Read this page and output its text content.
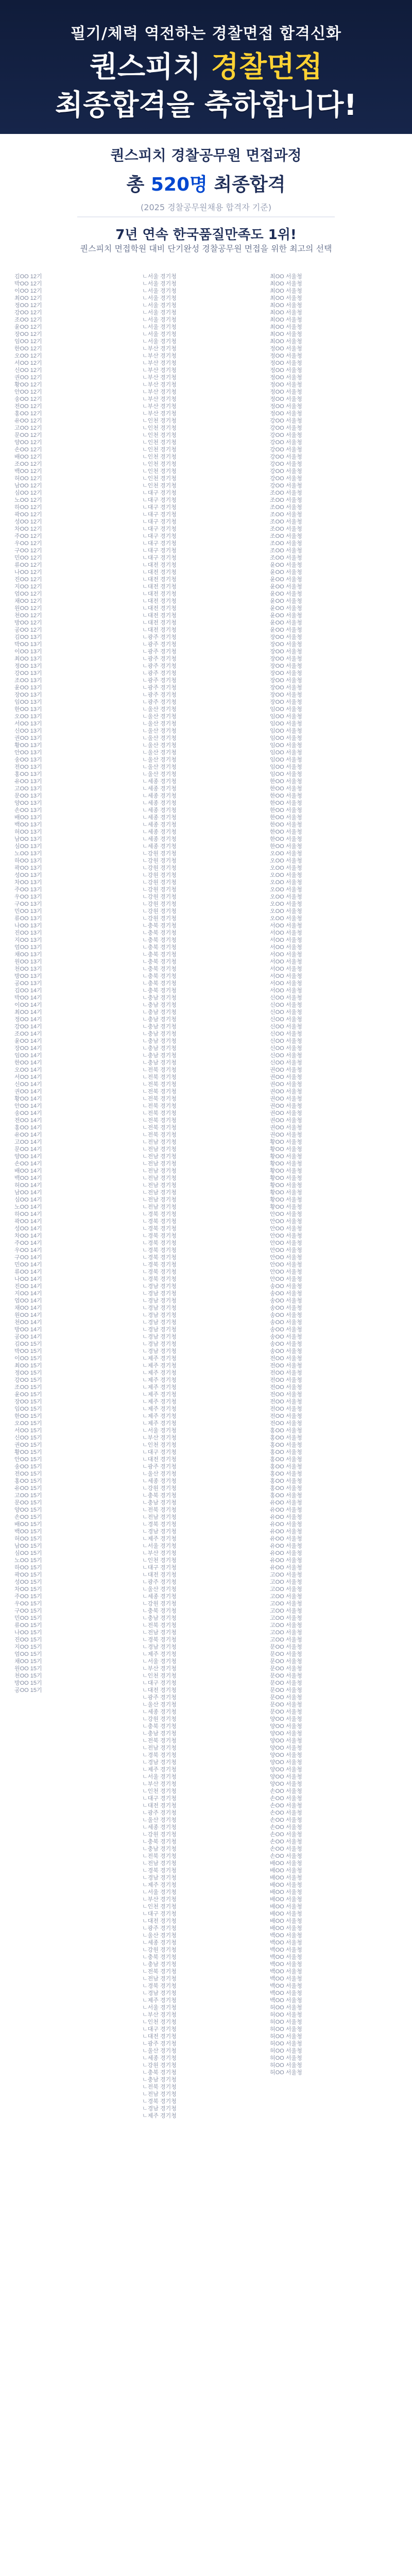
필기/체력 역전하는 경찰면접 합격신화
퀀스피치 경찰면접
최종합격을 축하합니다!
퀀스피치 경찰공무원 면접과정
총 520명 최종합격
(2025 경찰공무원채용 합격자 기준)
7년 연속 한국품질만족도 1위!
퀀스피치 면접학원 대비 단기완성 경찰공무원 면접을 위한 최고의 선택
김OO 12기
박OO 12기
이OO 12기
최OO 12기
정OO 12기
강OO 12기
조OO 12기
윤OO 12기
장OO 12기
임OO 12기
한OO 12기
오OO 12기
서OO 12기
신OO 12기
권OO 12기
황OO 12기
안OO 12기
송OO 12기
전OO 12기
홍OO 12기
유OO 12기
고OO 12기
문OO 12기
양OO 12기
손OO 12기
배OO 12기
조OO 12기
백OO 12기
허OO 12기
남OO 12기
심OO 12기
노OO 12기
하OO 12기
곽OO 12기
성OO 12기
차OO 12기
주OO 12기
우OO 12기
구OO 12기
민OO 12기
류OO 12기
나OO 12기
진OO 12기
지OO 12기
엄OO 12기
채OO 12기
원OO 12기
천OO 12기
방OO 12기
공OO 12기
김OO 13기
박OO 13기
이OO 13기
최OO 13기
정OO 13기
강OO 13기
조OO 13기
윤OO 13기
장OO 13기
임OO 13기
한OO 13기
오OO 13기
서OO 13기
신OO 13기
권OO 13기
황OO 13기
안OO 13기
송OO 13기
전OO 13기
홍OO 13기
유OO 13기
고OO 13기
문OO 13기
양OO 13기
손OO 13기
배OO 13기
백OO 13기
허OO 13기
남OO 13기
심OO 13기
노OO 13기
하OO 13기
곽OO 13기
성OO 13기
차OO 13기
주OO 13기
우OO 13기
구OO 13기
민OO 13기
류OO 13기
나OO 13기
진OO 13기
지OO 13기
엄OO 13기
채OO 13기
원OO 13기
천OO 13기
방OO 13기
공OO 13기
김OO 14기
박OO 14기
이OO 14기
최OO 14기
정OO 14기
강OO 14기
조OO 14기
윤OO 14기
장OO 14기
임OO 14기
한OO 14기
오OO 14기
서OO 14기
신OO 14기
권OO 14기
황OO 14기
안OO 14기
송OO 14기
전OO 14기
홍OO 14기
유OO 14기
고OO 14기
문OO 14기
양OO 14기
손OO 14기
배OO 14기
백OO 14기
허OO 14기
남OO 14기
심OO 14기
노OO 14기
하OO 14기
곽OO 14기
성OO 14기
차OO 14기
주OO 14기
우OO 14기
구OO 14기
민OO 14기
류OO 14기
나OO 14기
진OO 14기
지OO 14기
엄OO 14기
채OO 14기
원OO 14기
천OO 14기
방OO 14기
공OO 14기
김OO 15기
박OO 15기
이OO 15기
최OO 15기
정OO 15기
강OO 15기
조OO 15기
윤OO 15기
장OO 15기
임OO 15기
한OO 15기
오OO 15기
서OO 15기
신OO 15기
권OO 15기
황OO 15기
안OO 15기
송OO 15기
전OO 15기
홍OO 15기
유OO 15기
고OO 15기
문OO 15기
양OO 15기
손OO 15기
배OO 15기
백OO 15기
허OO 15기
남OO 15기
심OO 15기
노OO 15기
하OO 15기
곽OO 15기
성OO 15기
차OO 15기
주OO 15기
우OO 15기
구OO 15기
민OO 15기
류OO 15기
나OO 15기
진OO 15기
지OO 15기
엄OO 15기
채OO 15기
원OO 15기
천OO 15기
방OO 15기
공OO 15기
ㄴ서울 경기청
ㄴ서울 경기청
ㄴ서울 경기청
ㄴ서울 경기청
ㄴ서울 경기청
ㄴ서울 경기청
ㄴ서울 경기청
ㄴ서울 경기청
ㄴ서울 경기청
ㄴ서울 경기청
ㄴ부산 경기청
ㄴ부산 경기청
ㄴ부산 경기청
ㄴ부산 경기청
ㄴ부산 경기청
ㄴ부산 경기청
ㄴ부산 경기청
ㄴ부산 경기청
ㄴ부산 경기청
ㄴ부산 경기청
ㄴ인천 경기청
ㄴ인천 경기청
ㄴ인천 경기청
ㄴ인천 경기청
ㄴ인천 경기청
ㄴ인천 경기청
ㄴ인천 경기청
ㄴ인천 경기청
ㄴ인천 경기청
ㄴ인천 경기청
ㄴ대구 경기청
ㄴ대구 경기청
ㄴ대구 경기청
ㄴ대구 경기청
ㄴ대구 경기청
ㄴ대구 경기청
ㄴ대구 경기청
ㄴ대구 경기청
ㄴ대구 경기청
ㄴ대구 경기청
ㄴ대전 경기청
ㄴ대전 경기청
ㄴ대전 경기청
ㄴ대전 경기청
ㄴ대전 경기청
ㄴ대전 경기청
ㄴ대전 경기청
ㄴ대전 경기청
ㄴ대전 경기청
ㄴ대전 경기청
ㄴ광주 경기청
ㄴ광주 경기청
ㄴ광주 경기청
ㄴ광주 경기청
ㄴ광주 경기청
ㄴ광주 경기청
ㄴ광주 경기청
ㄴ광주 경기청
ㄴ광주 경기청
ㄴ광주 경기청
ㄴ울산 경기청
ㄴ울산 경기청
ㄴ울산 경기청
ㄴ울산 경기청
ㄴ울산 경기청
ㄴ울산 경기청
ㄴ울산 경기청
ㄴ울산 경기청
ㄴ울산 경기청
ㄴ울산 경기청
ㄴ세종 경기청
ㄴ세종 경기청
ㄴ세종 경기청
ㄴ세종 경기청
ㄴ세종 경기청
ㄴ세종 경기청
ㄴ세종 경기청
ㄴ세종 경기청
ㄴ세종 경기청
ㄴ세종 경기청
ㄴ강원 경기청
ㄴ강원 경기청
ㄴ강원 경기청
ㄴ강원 경기청
ㄴ강원 경기청
ㄴ강원 경기청
ㄴ강원 경기청
ㄴ강원 경기청
ㄴ강원 경기청
ㄴ강원 경기청
ㄴ충북 경기청
ㄴ충북 경기청
ㄴ충북 경기청
ㄴ충북 경기청
ㄴ충북 경기청
ㄴ충북 경기청
ㄴ충북 경기청
ㄴ충북 경기청
ㄴ충북 경기청
ㄴ충북 경기청
ㄴ충남 경기청
ㄴ충남 경기청
ㄴ충남 경기청
ㄴ충남 경기청
ㄴ충남 경기청
ㄴ충남 경기청
ㄴ충남 경기청
ㄴ충남 경기청
ㄴ충남 경기청
ㄴ충남 경기청
ㄴ전북 경기청
ㄴ전북 경기청
ㄴ전북 경기청
ㄴ전북 경기청
ㄴ전북 경기청
ㄴ전북 경기청
ㄴ전북 경기청
ㄴ전북 경기청
ㄴ전북 경기청
ㄴ전북 경기청
ㄴ전남 경기청
ㄴ전남 경기청
ㄴ전남 경기청
ㄴ전남 경기청
ㄴ전남 경기청
ㄴ전남 경기청
ㄴ전남 경기청
ㄴ전남 경기청
ㄴ전남 경기청
ㄴ전남 경기청
ㄴ경북 경기청
ㄴ경북 경기청
ㄴ경북 경기청
ㄴ경북 경기청
ㄴ경북 경기청
ㄴ경북 경기청
ㄴ경북 경기청
ㄴ경북 경기청
ㄴ경북 경기청
ㄴ경북 경기청
ㄴ경남 경기청
ㄴ경남 경기청
ㄴ경남 경기청
ㄴ경남 경기청
ㄴ경남 경기청
ㄴ경남 경기청
ㄴ경남 경기청
ㄴ경남 경기청
ㄴ경남 경기청
ㄴ경남 경기청
ㄴ제주 경기청
ㄴ제주 경기청
ㄴ제주 경기청
ㄴ제주 경기청
ㄴ제주 경기청
ㄴ제주 경기청
ㄴ제주 경기청
ㄴ제주 경기청
ㄴ제주 경기청
ㄴ제주 경기청
ㄴ서울 경기청
ㄴ부산 경기청
ㄴ인천 경기청
ㄴ대구 경기청
ㄴ대전 경기청
ㄴ광주 경기청
ㄴ울산 경기청
ㄴ세종 경기청
ㄴ강원 경기청
ㄴ충북 경기청
ㄴ충남 경기청
ㄴ전북 경기청
ㄴ전남 경기청
ㄴ경북 경기청
ㄴ경남 경기청
ㄴ제주 경기청
ㄴ서울 경기청
ㄴ부산 경기청
ㄴ인천 경기청
ㄴ대구 경기청
ㄴ대전 경기청
ㄴ광주 경기청
ㄴ울산 경기청
ㄴ세종 경기청
ㄴ강원 경기청
ㄴ충북 경기청
ㄴ충남 경기청
ㄴ전북 경기청
ㄴ전남 경기청
ㄴ경북 경기청
ㄴ경남 경기청
ㄴ제주 경기청
ㄴ서울 경기청
ㄴ부산 경기청
ㄴ인천 경기청
ㄴ대구 경기청
ㄴ대전 경기청
ㄴ광주 경기청
ㄴ울산 경기청
ㄴ세종 경기청
ㄴ강원 경기청
ㄴ충북 경기청
ㄴ충남 경기청
ㄴ전북 경기청
ㄴ전남 경기청
ㄴ경북 경기청
ㄴ경남 경기청
ㄴ제주 경기청
ㄴ서울 경기청
ㄴ부산 경기청
ㄴ인천 경기청
ㄴ대구 경기청
ㄴ대전 경기청
ㄴ광주 경기청
ㄴ울산 경기청
ㄴ세종 경기청
ㄴ강원 경기청
ㄴ충북 경기청
ㄴ충남 경기청
ㄴ전북 경기청
ㄴ전남 경기청
ㄴ경북 경기청
ㄴ경남 경기청
ㄴ제주 경기청
ㄴ서울 경기청
ㄴ부산 경기청
ㄴ인천 경기청
ㄴ대구 경기청
ㄴ대전 경기청
ㄴ광주 경기청
ㄴ울산 경기청
ㄴ세종 경기청
ㄴ강원 경기청
ㄴ충북 경기청
ㄴ충남 경기청
ㄴ전북 경기청
ㄴ전남 경기청
ㄴ경북 경기청
ㄴ경남 경기청
ㄴ제주 경기청
ㄴ서울 경기청
ㄴ부산 경기청
ㄴ인천 경기청
ㄴ대구 경기청
ㄴ대전 경기청
ㄴ광주 경기청
ㄴ울산 경기청
ㄴ세종 경기청
ㄴ강원 경기청
ㄴ충북 경기청
ㄴ충남 경기청
ㄴ전북 경기청
ㄴ전남 경기청
ㄴ경북 경기청
ㄴ경남 경기청
ㄴ제주 경기청
최OO 서울청
최OO 서울청
최OO 서울청
최OO 서울청
최OO 서울청
최OO 서울청
최OO 서울청
최OO 서울청
최OO 서울청
최OO 서울청
정OO 서울청
정OO 서울청
정OO 서울청
정OO 서울청
정OO 서울청
정OO 서울청
정OO 서울청
정OO 서울청
정OO 서울청
정OO 서울청
강OO 서울청
강OO 서울청
강OO 서울청
강OO 서울청
강OO 서울청
강OO 서울청
강OO 서울청
강OO 서울청
강OO 서울청
강OO 서울청
조OO 서울청
조OO 서울청
조OO 서울청
조OO 서울청
조OO 서울청
조OO 서울청
조OO 서울청
조OO 서울청
조OO 서울청
조OO 서울청
윤OO 서울청
윤OO 서울청
윤OO 서울청
윤OO 서울청
윤OO 서울청
윤OO 서울청
윤OO 서울청
윤OO 서울청
윤OO 서울청
윤OO 서울청
장OO 서울청
장OO 서울청
장OO 서울청
장OO 서울청
장OO 서울청
장OO 서울청
장OO 서울청
장OO 서울청
장OO 서울청
장OO 서울청
임OO 서울청
임OO 서울청
임OO 서울청
임OO 서울청
임OO 서울청
임OO 서울청
임OO 서울청
임OO 서울청
임OO 서울청
임OO 서울청
한OO 서울청
한OO 서울청
한OO 서울청
한OO 서울청
한OO 서울청
한OO 서울청
한OO 서울청
한OO 서울청
한OO 서울청
한OO 서울청
오OO 서울청
오OO 서울청
오OO 서울청
오OO 서울청
오OO 서울청
오OO 서울청
오OO 서울청
오OO 서울청
오OO 서울청
오OO 서울청
서OO 서울청
서OO 서울청
서OO 서울청
서OO 서울청
서OO 서울청
서OO 서울청
서OO 서울청
서OO 서울청
서OO 서울청
서OO 서울청
신OO 서울청
신OO 서울청
신OO 서울청
신OO 서울청
신OO 서울청
신OO 서울청
신OO 서울청
신OO 서울청
신OO 서울청
신OO 서울청
권OO 서울청
권OO 서울청
권OO 서울청
권OO 서울청
권OO 서울청
권OO 서울청
권OO 서울청
권OO 서울청
권OO 서울청
권OO 서울청
황OO 서울청
황OO 서울청
황OO 서울청
황OO 서울청
황OO 서울청
황OO 서울청
황OO 서울청
황OO 서울청
황OO 서울청
황OO 서울청
안OO 서울청
안OO 서울청
안OO 서울청
안OO 서울청
안OO 서울청
안OO 서울청
안OO 서울청
안OO 서울청
안OO 서울청
안OO 서울청
송OO 서울청
송OO 서울청
송OO 서울청
송OO 서울청
송OO 서울청
송OO 서울청
송OO 서울청
송OO 서울청
송OO 서울청
송OO 서울청
전OO 서울청
전OO 서울청
전OO 서울청
전OO 서울청
전OO 서울청
전OO 서울청
전OO 서울청
전OO 서울청
전OO 서울청
전OO 서울청
홍OO 서울청
홍OO 서울청
홍OO 서울청
홍OO 서울청
홍OO 서울청
홍OO 서울청
홍OO 서울청
홍OO 서울청
홍OO 서울청
홍OO 서울청
유OO 서울청
유OO 서울청
유OO 서울청
유OO 서울청
유OO 서울청
유OO 서울청
유OO 서울청
유OO 서울청
유OO 서울청
유OO 서울청
고OO 서울청
고OO 서울청
고OO 서울청
고OO 서울청
고OO 서울청
고OO 서울청
고OO 서울청
고OO 서울청
고OO 서울청
고OO 서울청
문OO 서울청
문OO 서울청
문OO 서울청
문OO 서울청
문OO 서울청
문OO 서울청
문OO 서울청
문OO 서울청
문OO 서울청
문OO 서울청
양OO 서울청
양OO 서울청
양OO 서울청
양OO 서울청
양OO 서울청
양OO 서울청
양OO 서울청
양OO 서울청
양OO 서울청
양OO 서울청
손OO 서울청
손OO 서울청
손OO 서울청
손OO 서울청
손OO 서울청
손OO 서울청
손OO 서울청
손OO 서울청
손OO 서울청
손OO 서울청
배OO 서울청
배OO 서울청
배OO 서울청
배OO 서울청
배OO 서울청
배OO 서울청
배OO 서울청
배OO 서울청
배OO 서울청
배OO 서울청
백OO 서울청
백OO 서울청
백OO 서울청
백OO 서울청
백OO 서울청
백OO 서울청
백OO 서울청
백OO 서울청
백OO 서울청
백OO 서울청
허OO 서울청
허OO 서울청
허OO 서울청
허OO 서울청
허OO 서울청
허OO 서울청
허OO 서울청
허OO 서울청
허OO 서울청
허OO 서울청
